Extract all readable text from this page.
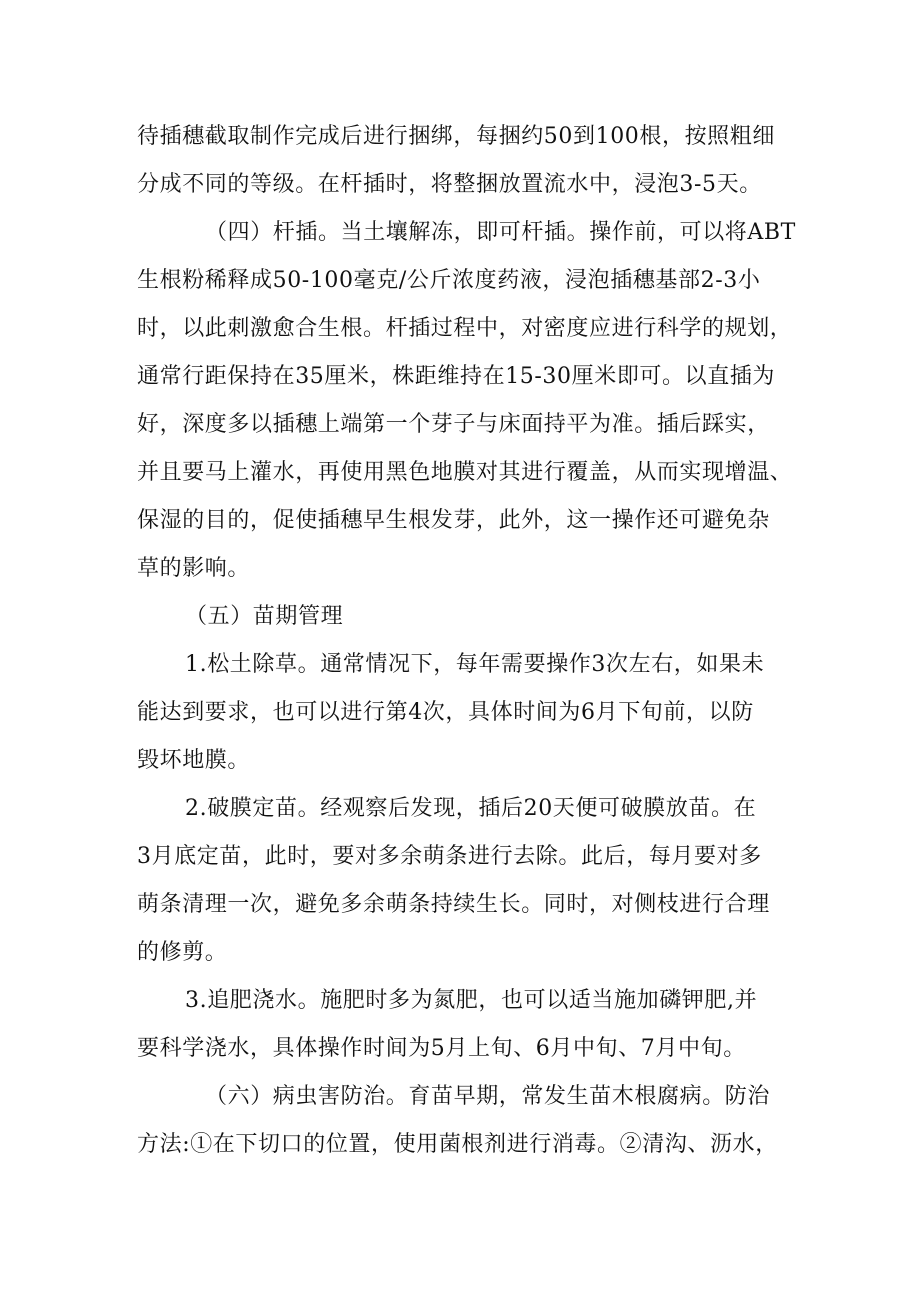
待插穗截取制作完成后进行捆绑，每捆约50到100根，按照粗细
分成不同的等级。在杆插时，将整捆放置流水中，浸泡3-5天。
（四）杆插。当土壤解冻，即可杆插。操作前，可以将ABT
生根粉稀释成50-100毫克/公斤浓度药液，浸泡插穗基部2-3小
时，以此刺激愈合生根。杆插过程中，对密度应进行科学的规划，
通常行距保持在35厘米，株距维持在15-30厘米即可。以直插为
好，深度多以插穗上端第一个芽子与床面持平为准。插后踩实，
并且要马上灌水，再使用黑色地膜对其进行覆盖，从而实现增温、
保湿的目的，促使插穗早生根发芽，此外，这一操作还可避免杂
草的影响。
（五）苗期管理
1.松土除草。通常情况下，每年需要操作3次左右，如果未
能达到要求，也可以进行第4次，具体时间为6月下旬前，以防
毁坏地膜。
2.破膜定苗。经观察后发现，插后20天便可破膜放苗。在
3月底定苗，此时，要对多余萌条进行去除。此后，每月要对多
萌条清理一次，避免多余萌条持续生长。同时，对侧枝进行合理
的修剪。
3.追肥浇水。施肥时多为氮肥，也可以适当施加磷钾肥,并
要科学浇水，具体操作时间为5月上旬、6月中旬、7月中旬。
（六）病虫害防治。育苗早期，常发生苗木根腐病。防治
方法:①在下切口的位置，使用菌根剂进行消毒。②清沟、沥水，
